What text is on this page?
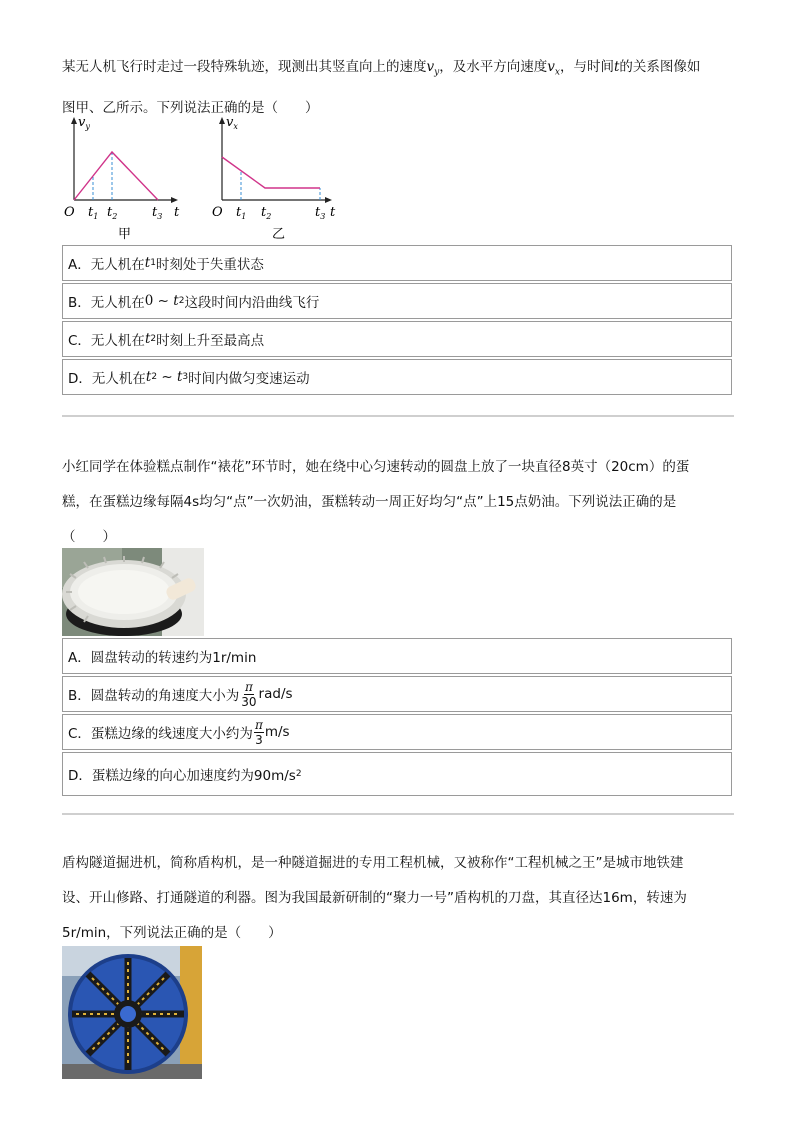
某无人机飞行时走过一段特殊轨迹，现测出其竖直向上的速度$v_y$，及水平方向速度$v_x$，与时间t的关系图像如
图甲、乙所示。下列说法正确的是（　　）
$v_y$
O $t_1$ $t_2$	$t_3$ t
甲
$v_x$
O $t_1$ $t_2$	$t_3$ t
乙
A．无人机在 t 1 时刻处于失重状态
B．无人机在 0 ~ t 2 这段时间内沿曲线飞行
C．无人机在 t 2 时刻上升至最高点
D．无人机在 t 2 ~ t 3 时间内做匀变速运动
小红同学在体验糕点制作“裱花”环节时，她在绕中心匀速转动的圆盘上放了一块直径8英寸（20cm）的蛋
糕，在蛋糕边缘每隔4s均匀“点”一次奶油，蛋糕转动一周正好均匀“点”上15点奶油。下列说法正确的是
（　　）
A．圆盘转动的转速约为1r/min
B．圆盘转动的角速度大小为 $\frac{\pi}{30} rad/s$
C．蛋糕边缘的线速度大小约为 $\frac{\pi}{3} m/s$
D．蛋糕边缘的向心加速度约为90m/s 2
盾构隧道掘进机，简称盾构机，是一种隧道掘进的专用工程机械，又被称作“工程机械之王”是城市地铁建
设、开山修路、打通隧道的利器。图为我国最新研制的“聚力一号”盾构机的刀盘，其直径达16m，转速为
5r/min，下列说法正确的是（　　）
